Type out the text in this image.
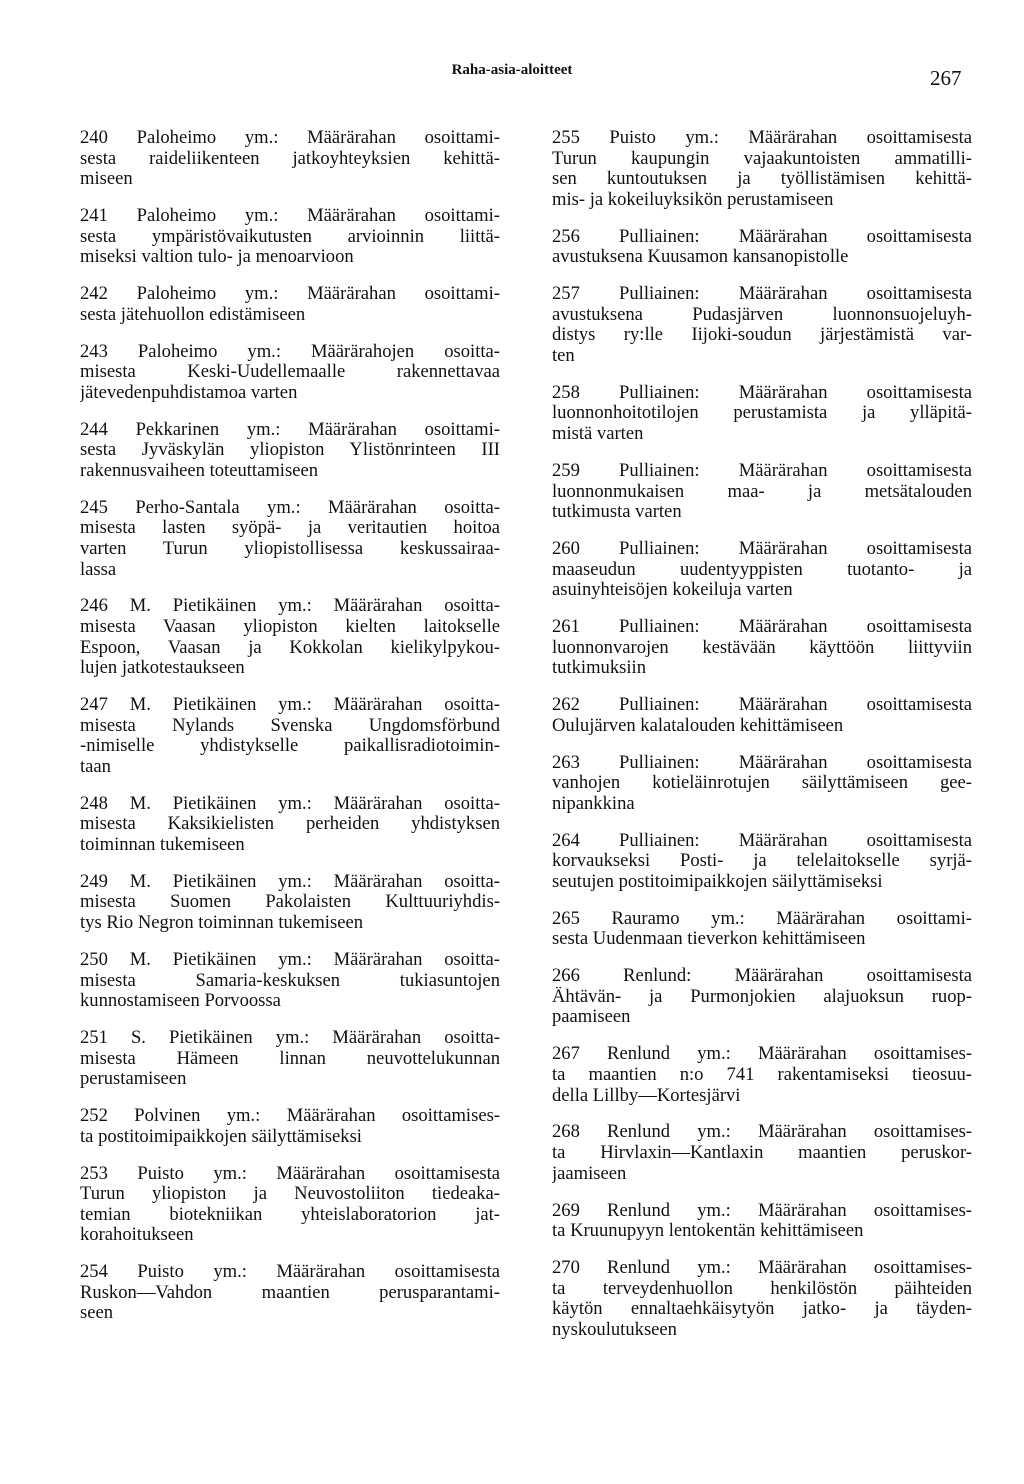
Raha-asia-aloitteet	267
240 Paloheimo ym.: Määrärahan osoittami-
sesta raideliikenteen jatkoyhteyksien kehittä-
miseen
241 Paloheimo ym.: Määrärahan osoittami-
sesta ympäristövaikutusten arvioinnin liittä-
miseksi valtion tulo- ja menoarvioon
242 Paloheimo ym.: Määrärahan osoittami-
sesta jätehuollon edistämiseen
243 Paloheimo ym.: Määrärahojen osoitta-
misesta Keski-Uudellemaalle rakennettavaa
jätevedenpuhdistamoa varten
244 Pekkarinen ym.: Määrärahan osoittami-
sesta Jyväskylän yliopiston Ylistönrinteen III
rakennusvaiheen toteuttamiseen
245 Perho-Santala ym.: Määrärahan osoitta-
misesta lasten syöpä- ja veritautien hoitoa
varten Turun yliopistollisessa keskussairaa-
lassa
246 M. Pietikäinen ym.: Määrärahan osoitta-
misesta Vaasan yliopiston kielten laitokselle
Espoon, Vaasan ja Kokkolan kielikylpykou-
lujen jatkotestaukseen
247 M. Pietikäinen ym.: Määrärahan osoitta-
misesta Nylands Svenska Ungdomsförbund
-nimiselle yhdistykselle paikallisradiotoimin-
taan
248 M. Pietikäinen ym.: Määrärahan osoitta-
misesta Kaksikielisten perheiden yhdistyksen
toiminnan tukemiseen
249 M. Pietikäinen ym.: Määrärahan osoitta-
misesta Suomen Pakolaisten Kulttuuriyhdis-
tys Rio Negron toiminnan tukemiseen
250 M. Pietikäinen ym.: Määrärahan osoitta-
misesta Samaria-keskuksen tukiasuntojen
kunnostamiseen Porvoossa
251 S. Pietikäinen ym.: Määrärahan osoitta-
misesta Hämeen linnan neuvottelukunnan
perustamiseen
252 Polvinen ym.: Määrärahan osoittamises-
ta postitoimipaikkojen säilyttämiseksi
253 Puisto ym.: Määrärahan osoittamisesta
Turun yliopiston ja Neuvostoliiton tiedeaka-
temian biotekniikan yhteislaboratorion jat-
korahoitukseen
254 Puisto ym.: Määrärahan osoittamisesta
Ruskon—Vahdon maantien perusparantami-
seen
255 Puisto ym.: Määrärahan osoittamisesta
Turun kaupungin vajaakuntoisten ammatilli-
sen kuntoutuksen ja työllistämisen kehittä-
mis- ja kokeiluyksikön perustamiseen
256 Pulliainen: Määrärahan osoittamisesta
avustuksena Kuusamon kansanopistolle
257 Pulliainen: Määrärahan osoittamisesta
avustuksena Pudasjärven luonnonsuojeluyh-
distys ry:lle Iijoki-soudun järjestämistä var-
ten
258 Pulliainen: Määrärahan osoittamisesta
luonnonhoitotilojen perustamista ja ylläpitä-
mistä varten
259 Pulliainen: Määrärahan osoittamisesta
luonnonmukaisen maa- ja metsätalouden
tutkimusta varten
260 Pulliainen: Määrärahan osoittamisesta
maaseudun uudentyyppisten tuotanto- ja
asuinyhteisöjen kokeiluja varten
261 Pulliainen: Määrärahan osoittamisesta
luonnonvarojen kestävään käyttöön liittyviin
tutkimuksiin
262 Pulliainen: Määrärahan osoittamisesta
Oulujärven kalatalouden kehittämiseen
263 Pulliainen: Määrärahan osoittamisesta
vanhojen kotieläinrotujen säilyttämiseen gee-
nipankkina
264 Pulliainen: Määrärahan osoittamisesta
korvaukseksi Posti- ja telelaitokselle syrjä-
seutujen postitoimipaikkojen säilyttämiseksi
265 Rauramo ym.: Määrärahan osoittami-
sesta Uudenmaan tieverkon kehittämiseen
266 Renlund: Määrärahan osoittamisesta
Ähtävän- ja Purmonjokien alajuoksun ruop-
paamiseen
267 Renlund ym.: Määrärahan osoittamises-
ta maantien n:o 741 rakentamiseksi tieosuu-
della Lillby—Kortesjärvi
268 Renlund ym.: Määrärahan osoittamises-
ta Hirvlaxin—Kantlaxin maantien peruskor-
jaamiseen
269 Renlund ym.: Määrärahan osoittamises-
ta Kruunupyyn lentokentän kehittämiseen
270 Renlund ym.: Määrärahan osoittamises-
ta terveydenhuollon henkilöstön päihteiden
käytön ennaltaehkäisytyön jatko- ja täyden-
nyskoulutukseen
